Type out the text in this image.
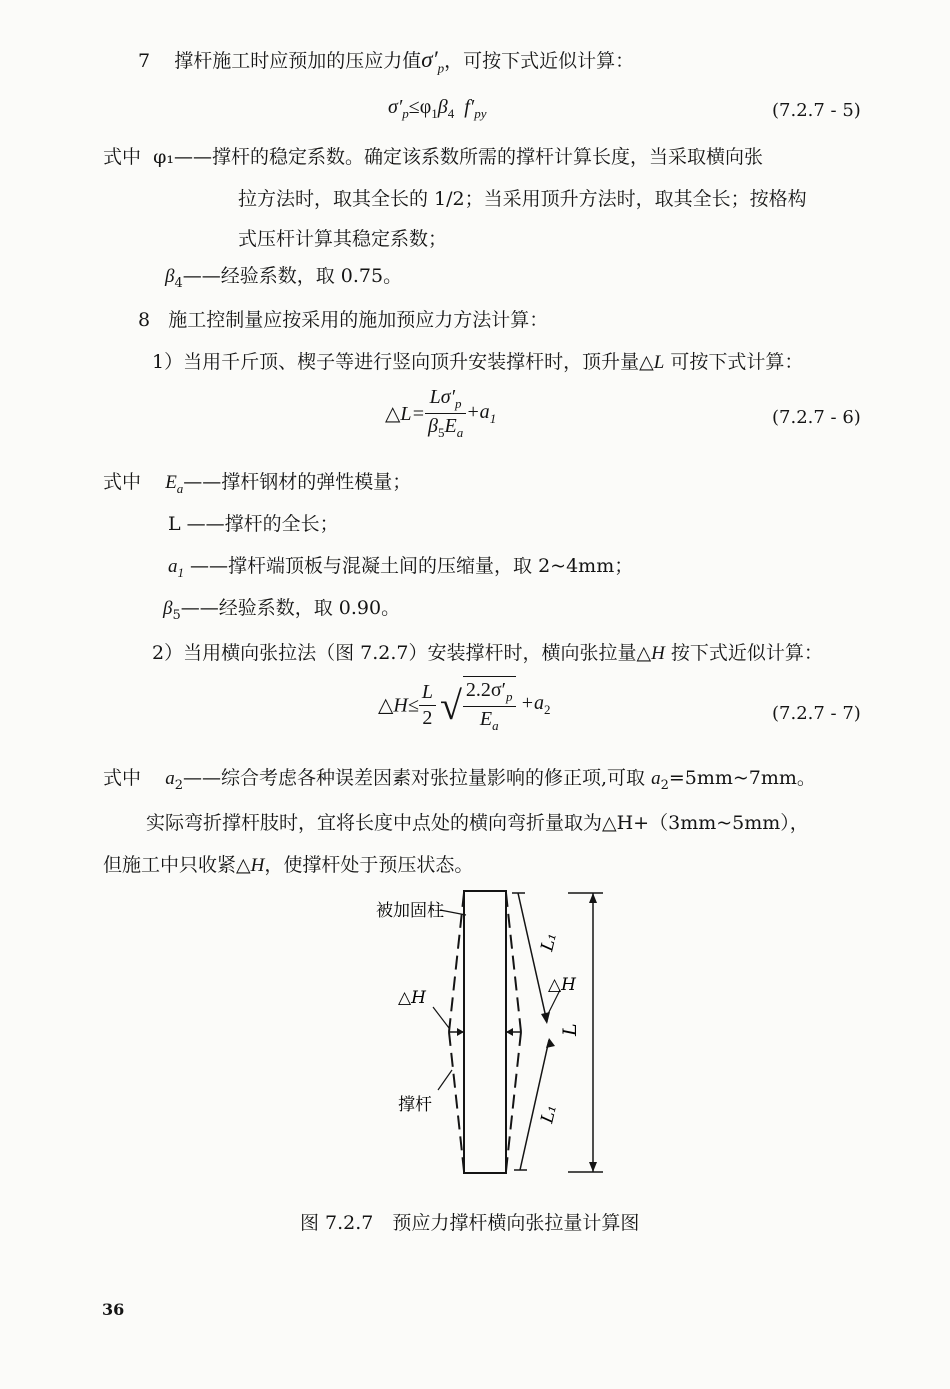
7 撑杆施工时应预加的压应力值$\sigma'_p$，可按下式近似计算：
$\sigma'_p\le\varphi_1\beta_4$ $f'_{py}$	(7.2.7 - 5)
式中 φ₁——撑杆的稳定系数。确定该系数所需的撑杆计算长度，当采取横向张
拉方法时，取其全长的 1/2；当采用顶升方法时，取其全长；按格构
式压杆计算其稳定系数；
$\beta_4——$经验系数，取 0.75。
8 施工控制量应按采用的施加预应力方法计算：
1）当用千斤顶、楔子等进行竖向顶升安装撑杆时，顶升量△L 可按下式计算：
△L= $\frac{L\sigma'_p}{\beta_5E_a} +a_1$	(7.2.7 - 6)
式中 $E_a——$撑杆钢材的弹性模量；
L ——撑杆的全长；
$a_1$ ——撑杆端顶板与混凝土间的压缩量，取 2~4mm；
$\beta_5——$经验系数，取 0.90。
2）当用横向张拉法（图 7.2.7）安装撑杆时，横向张拉量△H 按下式近似计算：
△H≤ $\frac{L}{2}$ √ $\frac{2.2\sigma'_p}{E_a} +a_2$	(7.2.7 - 7)
式中 $a_2——$综合考虑各种误差因素对张拉量影响的修正项,可取 $a_2=5mm\sim 7mm$。
实际弯折撑杆肢时，宜将长度中点处的横向弯折量取为△H+（3mm~5mm），
但施工中只收紧△H，使撑杆处于预压状态。
被加固柱
△H
△H
撑杆
L₁
L₁
L
图 7.2.7　预应力撑杆横向张拉量计算图
36
